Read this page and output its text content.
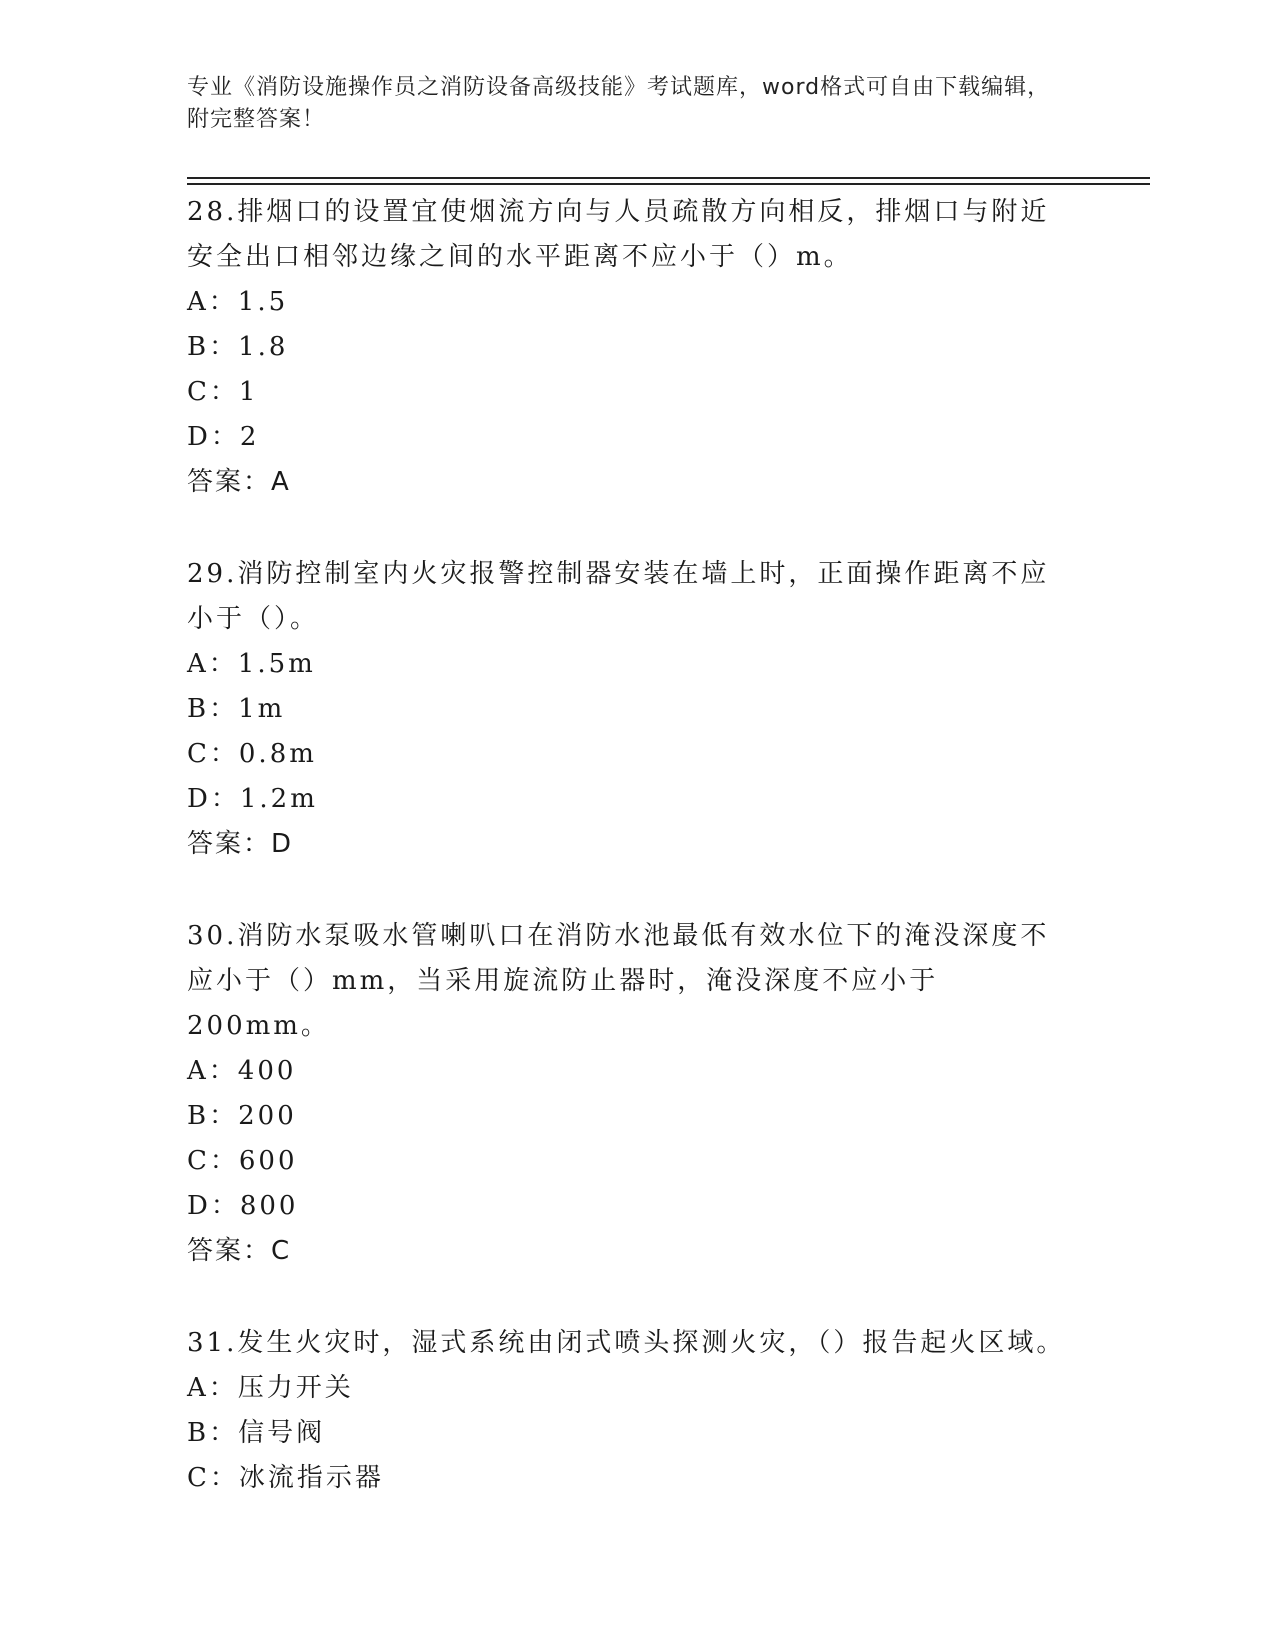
专业《消防设施操作员之消防设备高级技能》考试题库，word格式可自由下载编辑，附完整答案！

28.排烟口的设置宜使烟流方向与人员疏散方向相反，排烟口与附近安全出口相邻边缘之间的水平距离不应小于（）m。

A：1.5

B：1.8

C：1

D：2

答案：A

29.消防控制室内火灾报警控制器安装在墙上时，正面操作距离不应小于（）。

A：1.5m

B：1m

C：0.8m

D：1.2m

答案：D

30.消防水泵吸水管喇叭口在消防水池最低有效水位下的淹没深度不应小于（）mm，当采用旋流防止器时，淹没深度不应小于200mm。

A：400

B：200

C：600

D：800

答案：C

31.发生火灾时，湿式系统由闭式喷头探测火灾，（）报告起火区域。

A：压力开关

B：信号阀

C：冰流指示器
